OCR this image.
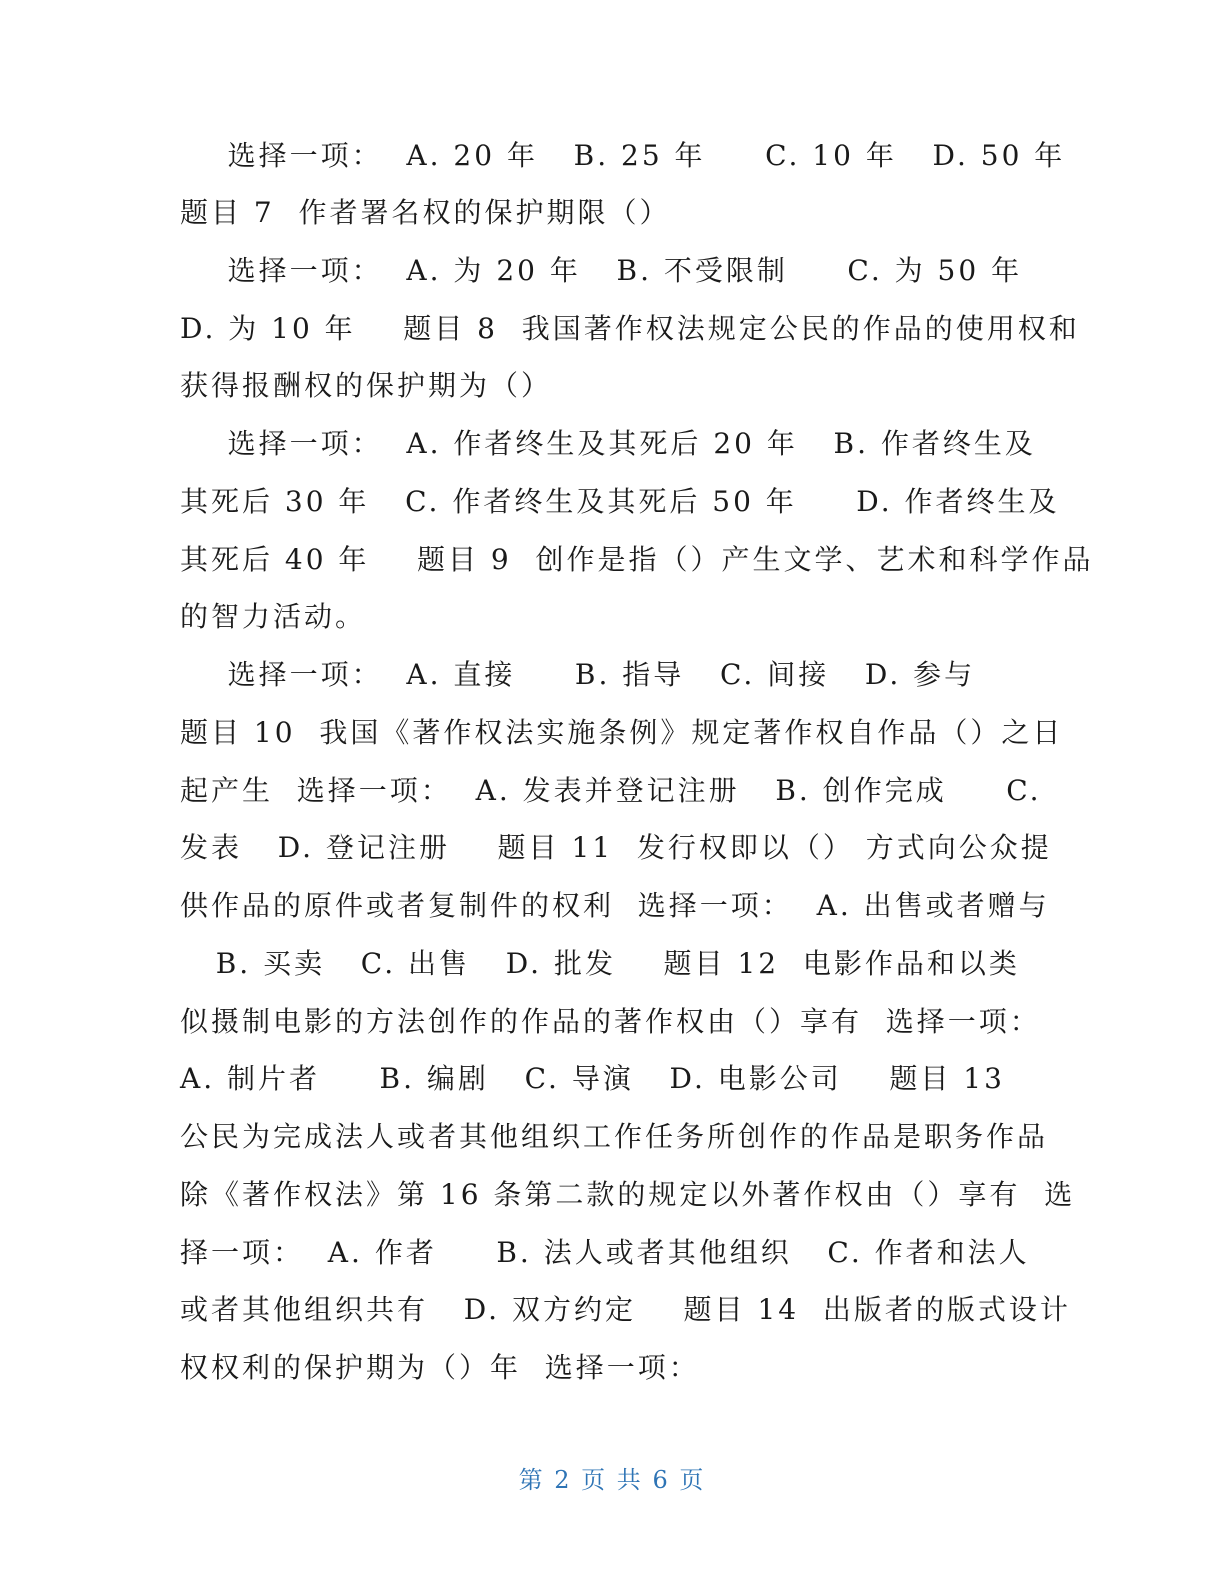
选择一项：  A. 20 年   B. 25 年     C. 10 年   D. 50 年
题目 7  作者署名权的保护期限（）
选择一项：  A. 为 20 年   B. 不受限制     C. 为 50 年
D. 为 10 年    题目 8  我国著作权法规定公民的作品的使用权和
获得报酬权的保护期为（）
选择一项：  A. 作者终生及其死后 20 年   B. 作者终生及
其死后 30 年   C. 作者终生及其死后 50 年     D. 作者终生及
其死后 40 年    题目 9  创作是指（）产生文学、艺术和科学作品
的智力活动。
选择一项：  A. 直接     B. 指导   C. 间接   D. 参与
题目 10  我国《著作权法实施条例》规定著作权自作品（）之日
起产生  选择一项：  A. 发表并登记注册   B. 创作完成     C.
发表   D. 登记注册    题目 11  发行权即以（） 方式向公众提
供作品的原件或者复制件的权利  选择一项：  A. 出售或者赠与
B. 买卖   C. 出售   D. 批发    题目 12  电影作品和以类
似摄制电影的方法创作的作品的著作权由（）享有  选择一项：
A. 制片者     B. 编剧   C. 导演   D. 电影公司    题目 13
公民为完成法人或者其他组织工作任务所创作的作品是职务作品
除《著作权法》第 16 条第二款的规定以外著作权由（）享有  选
择一项：  A. 作者     B. 法人或者其他组织   C. 作者和法人
或者其他组织共有   D. 双方约定    题目 14  出版者的版式设计
权权利的保护期为（）年  选择一项：
第 2 页 共 6 页
